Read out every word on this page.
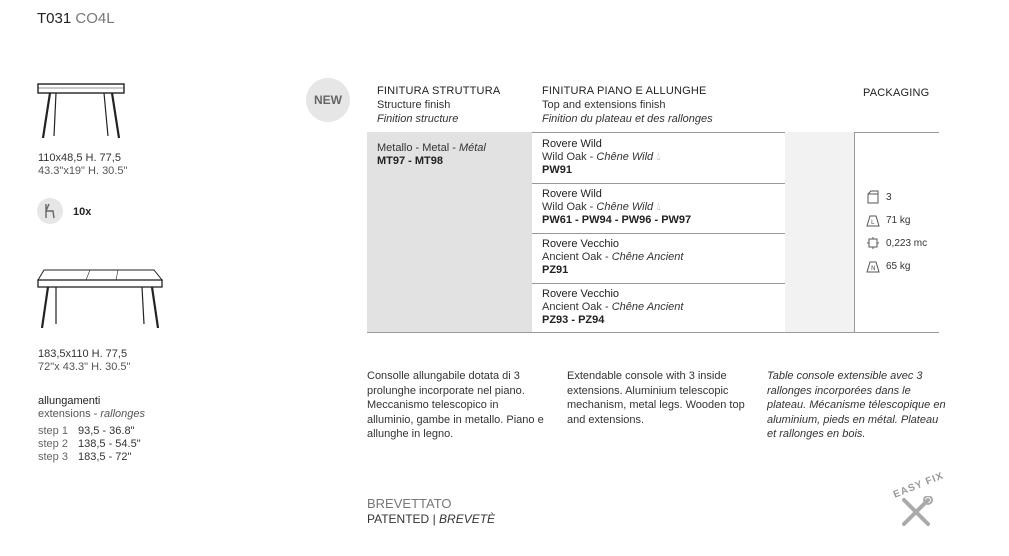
T031 CO4L
110x48,5 H. 77,5
43.3"x19" H. 30.5"
10x
183,5x110 H. 77,5
72"x 43.3" H. 30.5"
allungamenti
extensions - rallonges
step 1 93,5 - 36.8"
step 2 138,5 - 54.5"
step 3 183,5 - 72"
NEW
FINITURA STRUTTURA
Structure finish
Finition structure
FINITURA PIANO E ALLUNGHE
Top and extensions finish
Finition du plateau et des rallonges
PACKAGING
Metallo - Metal - Métal
MT97 - MT98
Rovere Wild
Wild Oak - Chêne Wild 💧︎
PW91
Rovere Wild
Wild Oak - Chêne Wild 💧︎
PW61 - PW94 - PW96 - PW97
Rovere Vecchio
Ancient Oak - Chêne Ancient
PZ91
Rovere Vecchio
Ancient Oak - Chêne Ancient
PZ93 - PZ94
3
L 71 kg
0,223 mc
N 65 kg
Consolle allungabile dotata di 3 prolunghe incorporate nel piano. Meccanismo telescopico in alluminio, gambe in metallo. Piano e allunghe in legno.
Extendable console with 3 inside extensions. Aluminium telescopic mechanism, metal legs. Wooden top and extensions.
Table console extensible avec 3 rallonges incorporées dans le plateau. Mécanisme télescopique en aluminium, pieds en métal. Plateau et rallonges en bois.
BREVETTATO
PATENTED | BREVETÈ
EASY FIX
